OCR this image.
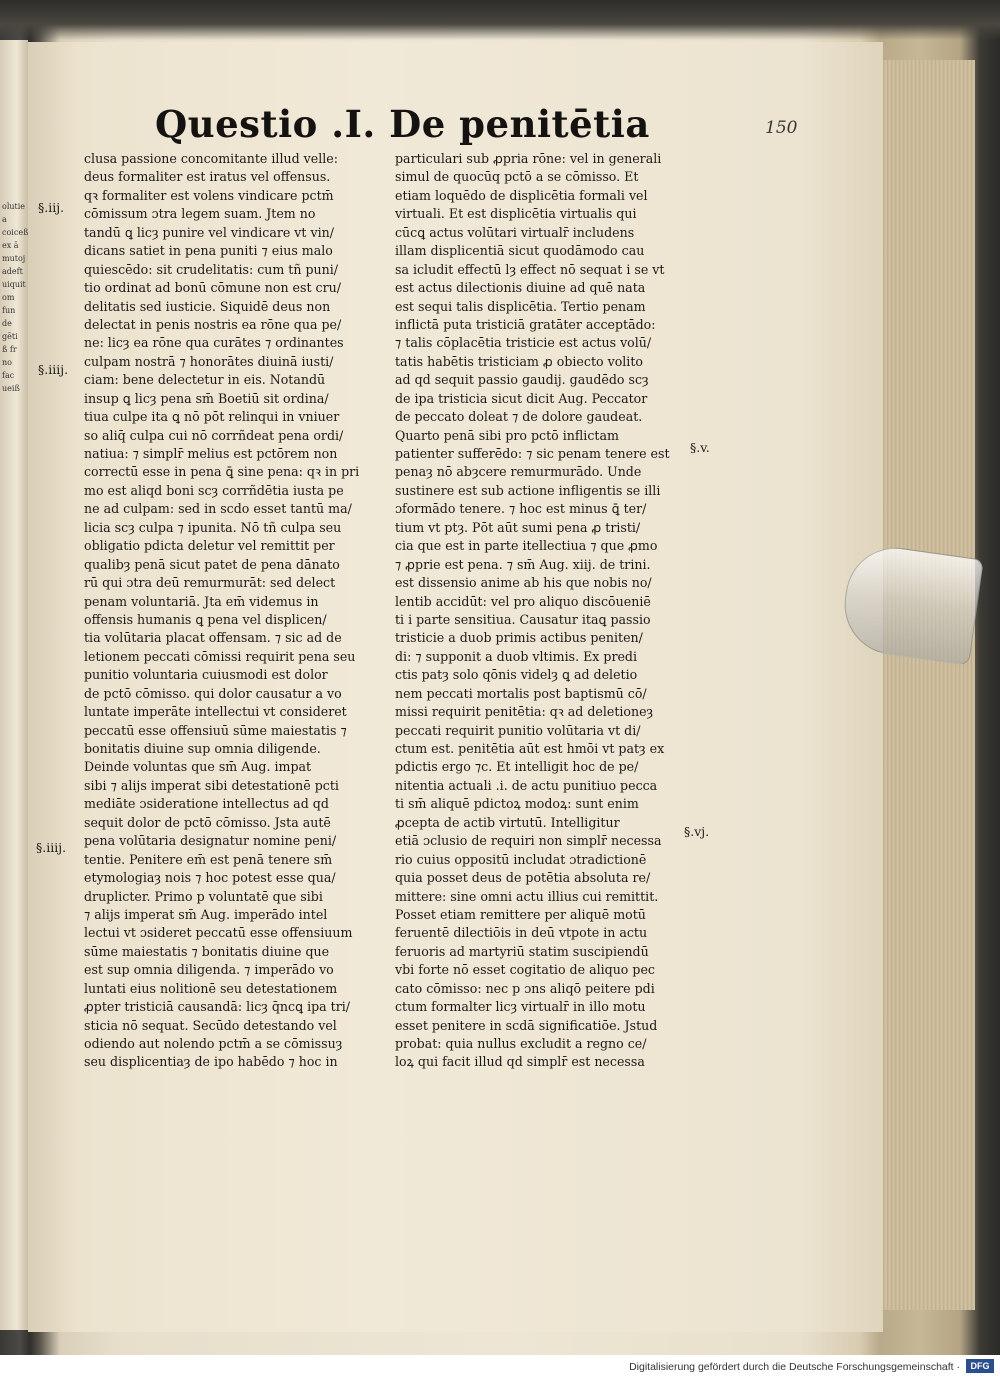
olutie a coiceß ex ā mutoj adeft uiquit om fun de gēti ß fr no fac ueiß
Questio .I. De penitētia	150
clusa passione concomitante illud velle:
deus formaliter est iratus vel offensus.
qꝛ formaliter est volens vindicare pctm̄
cōmissum ɔtra legem suam. Jtem no
tandū ꝗ licȝ punire vel vindicare vt vin/
dicans satiet in pena puniti ⁊ eius malo
quiescēdo: sit crudelitatis: cum tñ puni/
tio ordinat ad bonū cōmune non est cru/
delitatis sed iusticie. Siquidē deus non
delectat in penis nostris ea rōne qua pe/
ne: licȝ ea rōne qua curātes ⁊ ordinantes
culpam nostrā ⁊ honorātes diuinā iusti/
ciam: bene delectetur in eis. Notandū
insup ꝗ licȝ pena sm̄ Boetiū sit ordina/
tiua culpe ita ꝗ nō pōt relinqui in vniuer
so aliq̄ culpa cui nō corrñdeat pena ordi/
natiua: ⁊ simplr̄ melius est pctōrem non
correctū esse in pena ꝗ̄ sine pena: qꝛ in pri
mo est aliqd boni scȝ corrñdētia iusta pe
ne ad culpam: sed in scdo esset tantū ma/
licia scȝ culpa ⁊ ipunita. Nō tñ culpa seu
obligatio pdicta deletur vel remittit per
qualibȝ penā sicut patet de pena dānato
rū qui ɔtra deū remurmurāt: sed delect
penam voluntariā. Jta em̄ videmus in
offensis humanis ꝗ pena vel displicen/
tia volūtaria placat offensam. ⁊ sic ad de
letionem peccati cōmissi requirit pena seu
punitio voluntaria cuiusmodi est dolor
de pctō cōmisso. qui dolor causatur a vo
luntate imperāte intellectui vt consideret
peccatū esse offensiuū sūme maiestatis ⁊
bonitatis diuine sup omnia diligende.
Deinde voluntas que sm̄ Aug. impat
sibi ⁊ alijs imperat sibi detestationē pcti
mediāte ɔsideratione intellectus ad qd
sequit dolor de pctō cōmisso. Jsta autē
pena volūtaria designatur nomine peni/
tentie. Penitere em̄ est penā tenere sm̄
etymologiaȝ nois ⁊ hoc potest esse qua/
druplicter. Primo p voluntatē que sibi
⁊ alijs imperat sm̄ Aug. imperādo intel
lectui vt ɔsideret peccatū esse offensiuum
sūme maiestatis ⁊ bonitatis diuine que
est sup omnia diligenda. ⁊ imperādo vo
luntati eius nolitionē seu detestationem
ꝓpter tristiciā causandā: licȝ q̄ncꝗ ipa tri/
sticia nō sequat. Secūdo detestando vel
odiendo aut nolendo pctm̄ a se cōmissuȝ
seu displicentiaȝ de ipo habēdo ⁊ hoc in
particulari sub ꝓpria rōne: vel in generali
simul de quocūq pctō a se cōmisso. Et
etiam loquēdo de displicētia formali vel
virtuali. Et est displicētia virtualis qui
cūcꝗ actus volūtari virtualr̄ includens
illam displicentiā sicut quodāmodo cau
sa icludit effectū lȝ effect nō sequat i se vt
est actus dilectionis diuine ad quē nata
est sequi talis displicētia. Tertio penam
inflictā puta tristiciā gratāter acceptādo:
⁊ talis cōplacētia tristicie est actus volū/
tatis habētis tristiciam ꝓ obiecto volito
ad qd sequit passio gaudij. gaudēdo scȝ
de ipa tristicia sicut dicit Aug. Peccator
de peccato doleat ⁊ de dolore gaudeat.
Quarto penā sibi pro pctō inflictam
patienter sufferēdo: ⁊ sic penam tenere est
penaȝ nō abȝcere remurmurādo. Unde
sustinere est sub actione infligentis se illi
ɔformādo tenere. ⁊ hoc est minus ꝗ̄ ter/
tium vt ptȝ. Pōt aūt sumi pena ꝓ tristi/
cia que est in parte itellectiua ⁊ que ꝓmo
⁊ ꝓprie est pena. ⁊ sm̄ Aug. xiij. de trini.
est dissensio anime ab his que nobis no/
lentib accidūt: vel pro aliquo discōueniē
ti i parte sensitiua. Causatur itaꝗ passio
tristicie a duob primis actibus peniten/
di: ⁊ supponit a duob vltimis. Ex predi
ctis patȝ solo qōnis videlȝ ꝗ ad deletio
nem peccati mortalis post baptismū cō/
missi requirit penitētia: qꝛ ad deletioneȝ
peccati requirit punitio volūtaria vt di/
ctum est. penitētia aūt est hmōi vt patȝ ex
pdictis ergo ⁊c. Et intelligit hoc de pe/
nitentia actuali .i. de actu punitiuo pecca
ti sm̄ aliquē pdictoꝝ modoꝝ: sunt enim
ꝓcepta de actib virtutū. Intelligitur
etiā ɔclusio de requiri non simplr̄ necessa
rio cuius oppositū includat ɔtradictionē
quia posset deus de potētia absoluta re/
mittere: sine omni actu illius cui remittit.
Posset etiam remittere per aliquē motū
feruentē dilectiōis in deū vtpote in actu
feruoris ad martyriū statim suscipiendū
vbi forte nō esset cogitatio de aliquo pec
cato cōmisso: nec p ɔns aliqō peitere pdi
ctum formalter licȝ virtualr̄ in illo motu
esset penitere in scdā significatiōe. Jstud
probat: quia nullus excludit a regno ce/
loꝝ qui facit illud qd simplr̄ est necessa
§.iij.
§.iiij.
§.iiij.
§.v.
§.vj.
Digitalisierung gefördert durch die Deutsche Forschungsgemeinschaft ·	DFG
